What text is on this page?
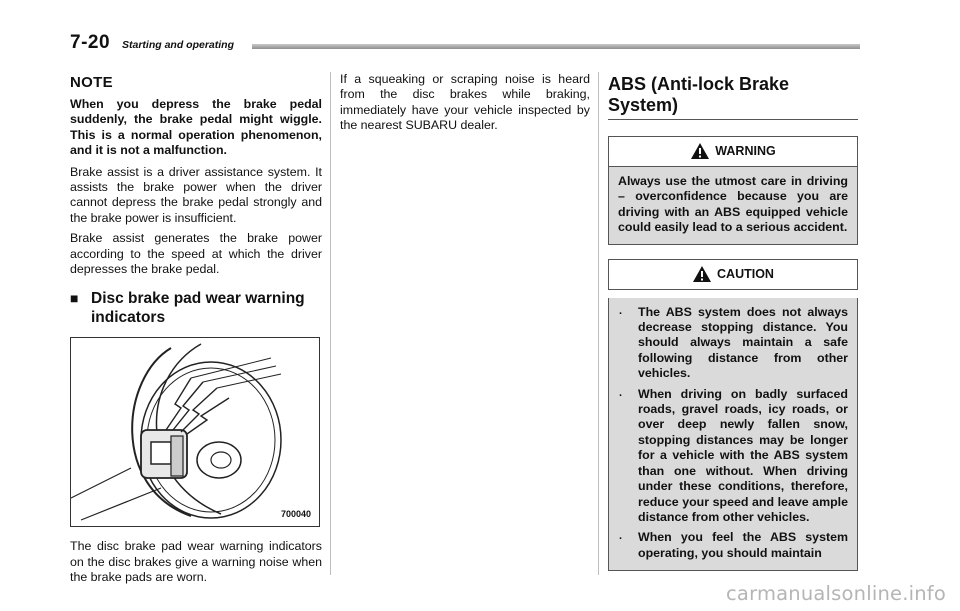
7-20 Starting and operating
NOTE

When you depress the brake pedal suddenly, the brake pedal might wiggle. This is a normal operation phenomenon, and it is not a malfunction.

Brake assist is a driver assistance system. It assists the brake power when the driver cannot depress the brake pedal strongly and the brake power is insufficient.

Brake assist generates the brake power according to the speed at which the driver depresses the brake pedal.

■ Disc brake pad wear warning indicators
700040

The disc brake pad wear warning indicators on the disc brakes give a warning noise when the brake pads are worn.

If a squeaking or scraping noise is heard from the disc brakes while braking, immediately have your vehicle inspected by the nearest SUBARU dealer.

ABS (Anti-lock Brake System)
WARNING

Always use the utmost care in driving – overconfidence because you are driving with an ABS equipped vehicle could easily lead to a serious accident.

CAUTION
.	The ABS system does not always decrease stopping distance. You should always maintain a safe following distance from other vehicles.

.	When driving on badly surfaced roads, gravel roads, icy roads, or over deep newly fallen snow, stopping distances may be longer for a vehicle with the ABS system than one without. When driving under these conditions, therefore, reduce your speed and leave ample distance from other vehicles.

.	When you feel the ABS system operating, you should maintain

carmanualsonline.info
